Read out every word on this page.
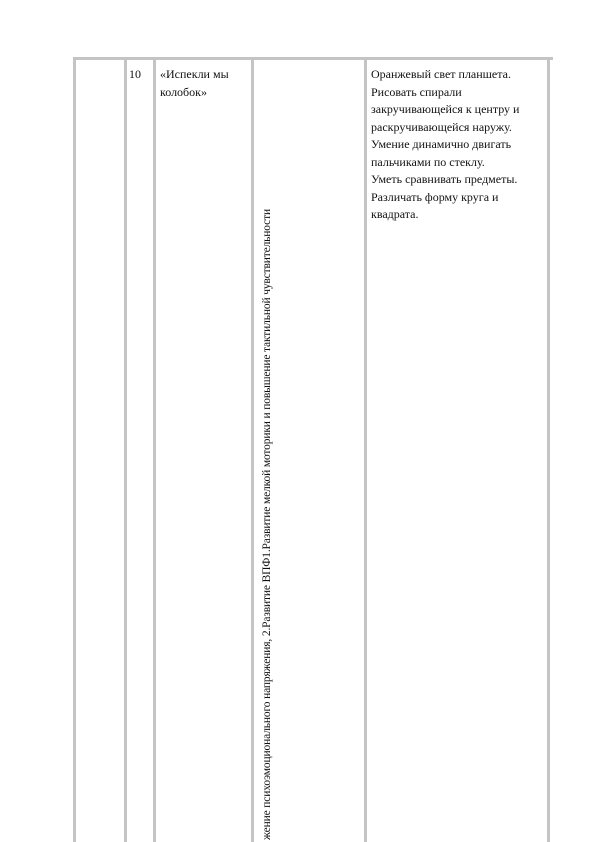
10 «Испекли мы колобок»
жение психоэмоционального напряжения, 2.Развитие ВПФ1.Развитие мелкой моторики и повышение тактильной чувствительности
Оранжевый свет планшета.
Рисовать спирали
закручивающейся к центру и
раскручивающейся наружу.
Умение динамично двигать
пальчиками по стеклу.
Уметь сравнивать предметы.
Различать форму круга и
квадрата.
